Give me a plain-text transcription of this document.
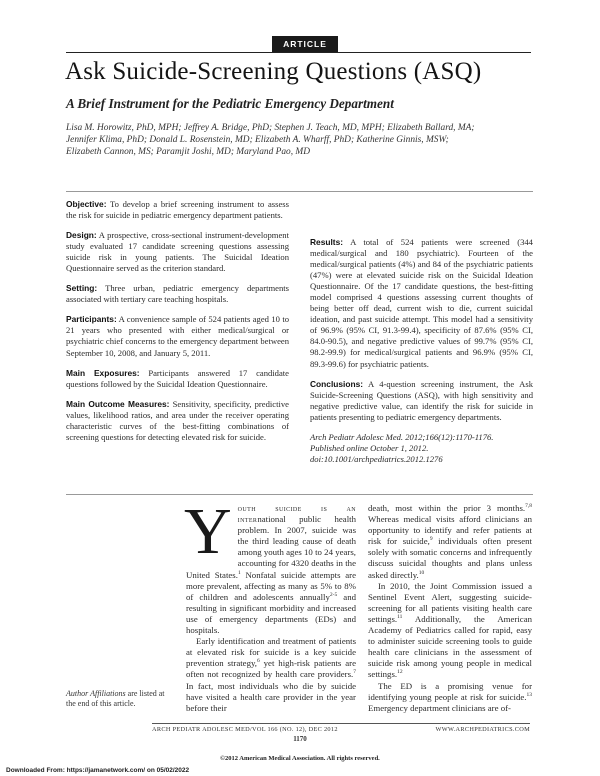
ARTICLE
Ask Suicide-Screening Questions (ASQ)
A Brief Instrument for the Pediatric Emergency Department
Lisa M. Horowitz, PhD, MPH; Jeffrey A. Bridge, PhD; Stephen J. Teach, MD, MPH; Elizabeth Ballard, MA;
Jennifer Klima, PhD; Donald L. Rosenstein, MD; Elizabeth A. Wharff, PhD; Katherine Ginnis, MSW;
Elizabeth Cannon, MS; Paramjit Joshi, MD; Maryland Pao, MD

Objective: To develop a brief screening instrument to assess the risk for suicide in pediatric emergency department patients.

Design: A prospective, cross-sectional instrument-development study evaluated 17 candidate screening questions assessing suicide risk in young patients. The Suicidal Ideation Questionnaire served as the criterion standard.

Setting: Three urban, pediatric emergency departments associated with tertiary care teaching hospitals.

Participants: A convenience sample of 524 patients aged 10 to 21 years who presented with either medical/surgical or psychiatric chief concerns to the emergency department between September 10, 2008, and January 5, 2011.

Main Exposures: Participants answered 17 candidate questions followed by the Suicidal Ideation Questionnaire.

Main Outcome Measures: Sensitivity, specificity, predictive values, likelihood ratios, and area under the receiver operating characteristic curves of the best-fitting combinations of screening questions for detecting elevated risk for suicide.

Results: A total of 524 patients were screened (344 medical/surgical and 180 psychiatric). Fourteen of the medical/surgical patients (4%) and 84 of the psychiatric patients (47%) were at elevated suicide risk on the Suicidal Ideation Questionnaire. Of the 17 candidate questions, the best-fitting model comprised 4 questions assessing current thoughts of being better off dead, current wish to die, current suicidal ideation, and past suicide attempt. This model had a sensitivity of 96.9% (95% CI, 91.3-99.4), specificity of 87.6% (95% CI, 84.0-90.5), and negative predictive values of 99.7% (95% CI, 98.2-99.9) for medical/surgical patients and 96.9% (95% CI, 89.3-99.6) for psychiatric patients.

Conclusions: A 4-question screening instrument, the Ask Suicide-Screening Questions (ASQ), with high sensitivity and negative predictive value, can identify the risk for suicide in patients presenting to pediatric emergency departments.

Arch Pediatr Adolesc Med. 2012;166(12):1170-1176.
Published online October 1, 2012.
doi:10.1001/archpediatrics.2012.1276

Youth suicide is an international public health problem. In 2007, suicide was the third leading cause of death among youth ages 10 to 24 years, accounting for 4320 deaths in the United States.$^1$ Nonfatal suicide attempts are more prevalent, affecting as many as 5% to 8% of children and adolescents annually$^{2-5}$ and resulting in significant morbidity and increased use of emergency departments (EDs) and hospitals.

Early identification and treatment of patients at elevated risk for suicide is a key suicide prevention strategy,$^6$ yet high-risk patients are often not recognized by health care providers.$^7$ In fact, most individuals who die by suicide have visited a health care provider in the year before their

death, most within the prior 3 months.$^{7,8}$ Whereas medical visits afford clinicians an opportunity to identify and refer patients at risk for suicide,$^9$ individuals often present solely with somatic concerns and infrequently discuss suicidal thoughts and plans unless asked directly.$^{10}$

In 2010, the Joint Commission issued a Sentinel Event Alert, suggesting suicide-screening for all patients visiting health care settings.$^{11}$ Additionally, the American Academy of Pediatrics called for rapid, easy to administer suicide screening tools to guide health care clinicians in the assessment of suicide risk among young people in medical settings.$^{12}$

The ED is a promising venue for identifying young people at risk for suicide.$^{13}$ Emergency department clinicians are of-

Author Affiliations are listed at the end of this article.
ARCH PEDIATR ADOLESC MED/VOL 166 (NO. 12), DEC 2012	WWW.ARCHPEDIATRICS.COM
1170
©2012 American Medical Association. All rights reserved.
Downloaded From: https://jamanetwork.com/ on 05/02/2022
